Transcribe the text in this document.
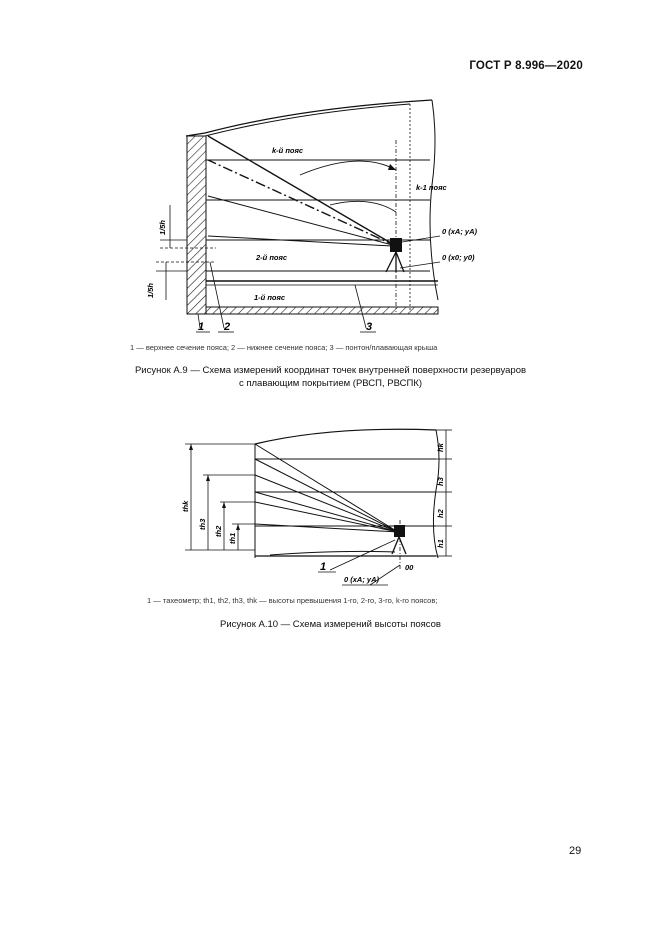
ГОСТ Р 8.996—2020
k-й пояс
k-1 пояс
2-й пояс
1-й пояс
0 (xA; yA)
0 (x0; y0)
1/5h
1/5h
1 2	3
1 — верхнее сечение пояса; 2 — нижнее сечение пояса; 3 — понтон/плавающая крыша
Рисунок А.9 — Схема измерений координат точек внутренней поверхности резервуаров
с плавающим покрытием (РВСП, РВСПК)
thk
th3
th2
th1
hk
h3
h2
h1
1
0 (xA; yA)
00
1 — тахеометр; th1, th2, th3, thk — высоты превышения 1-го, 2-го, 3-го, k-го поясов;
Рисунок А.10 — Схема измерений высоты поясов
29
